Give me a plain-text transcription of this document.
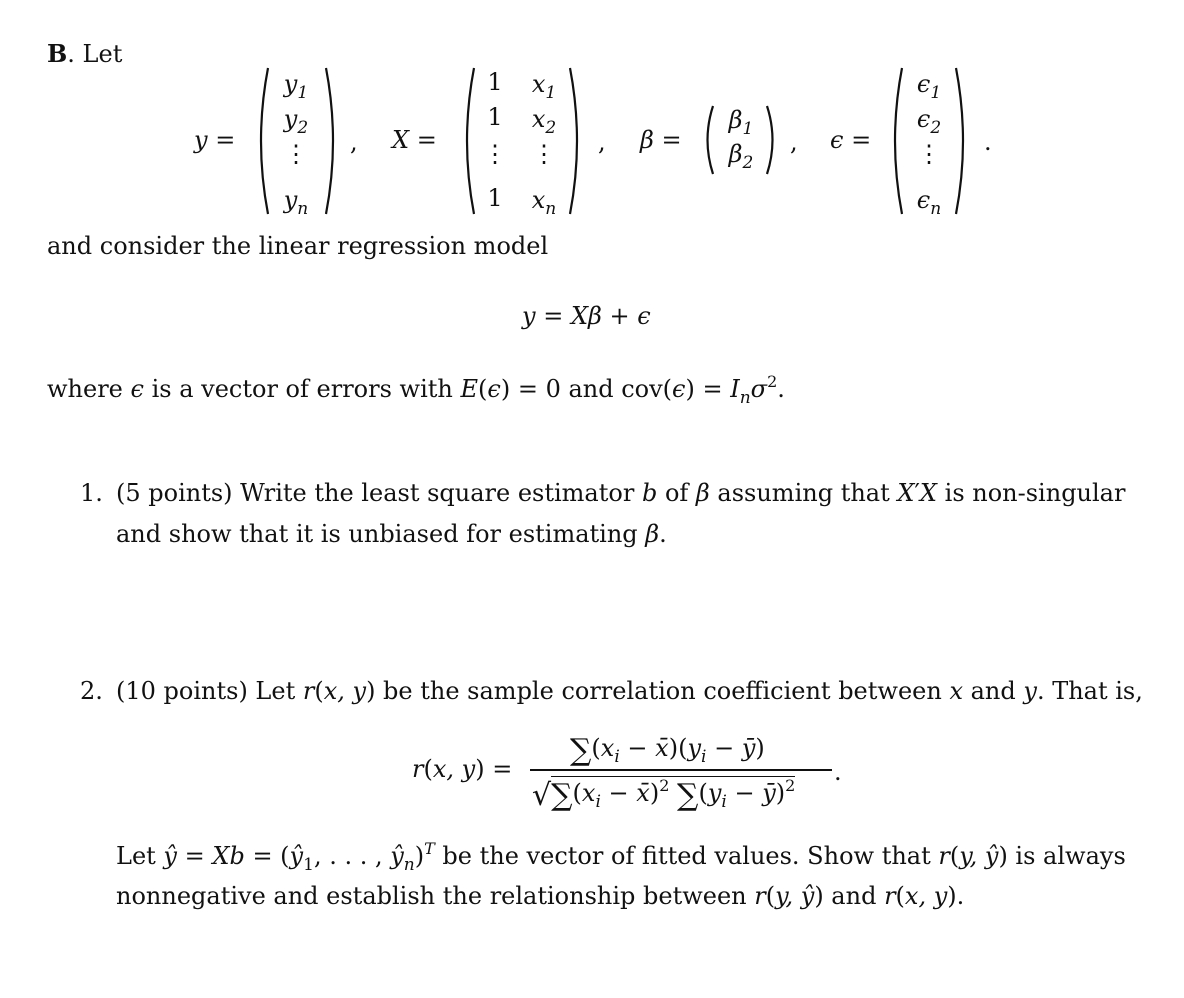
B. Let
y =
$y_1$
$y_2$
⋮
$y_n$
, X =
1
1
⋮
1
$x_1$
$x_2$
⋮
$x_n$
, β =
$\beta_1$
$\beta_2$
, ϵ =
$\epsilon_1$
$\epsilon_2$
⋮
$\epsilon_n$
.
and consider the linear regression model
y = Xβ + ϵ
where ϵ is a vector of errors with E(ϵ) = 0 and $cov(\epsilon) = I_n\sigma^2$.
1. (5 points) Write the least square estimator b of β assuming that X′X is non-singular
and show that it is unbiased for estimating β.
2. (10 points) Let r(x, y) be the sample correlation coefficient between x and y. That is,
r(x, y) =
$\sum(x_i$ − $x̄)(y_i$ − ȳ)
$√\sum(x_i$ − x̄)$^2$ $\sum(y_i$ − ȳ)$^2$ .
Let ŷ = $Xb = (ŷ_1$, . . . , $ŷ_n)^T$ be the vector of fitted values. Show that r(y, ŷ) is always
nonnegative and establish the relationship between r(y, ŷ) and r(x, y).
